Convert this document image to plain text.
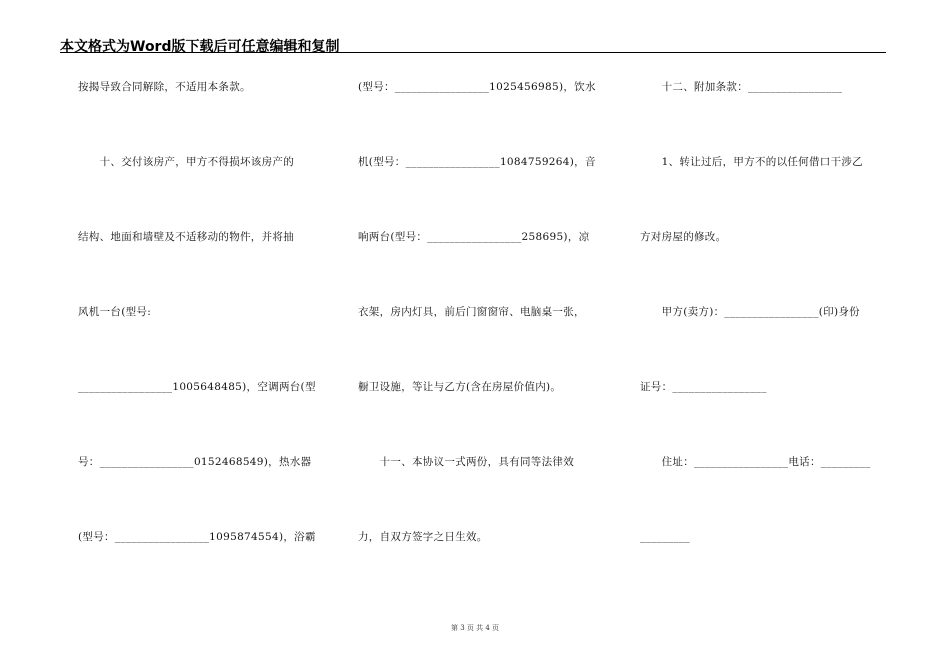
本文格式为Word版下载后可任意编辑和复制
按揭导致合同解除，不适用本条款。
　　十、交付该房产，甲方不得损坏该房产的
结构、地面和墙壁及不适移动的物件，并将抽
风机一台(型号:
_________________1005648485)，空调两台(型
号：_________________0152468549)，热水器
(型号：_________________1095874554)，浴霸
(型号：_________________1025456985)，饮水
机(型号：_________________1084759264)，音
响两台(型号：_________________258695)，凉
衣架，房内灯具，前后门窗窗帘、电脑桌一张，
橱卫设施，等让与乙方(含在房屋价值内)。
　　十一、本协议一式两份，具有同等法律效
力，自双方签字之日生效。
　　十二、附加条款：_________________
　　1、转让过后，甲方不的以任何借口干涉乙
方对房屋的修改。
　　甲方(卖方)：_________________(印)身份
证号：_________________
　　住址：_________________电话：_________
_________
第 3 页 共 4 页
